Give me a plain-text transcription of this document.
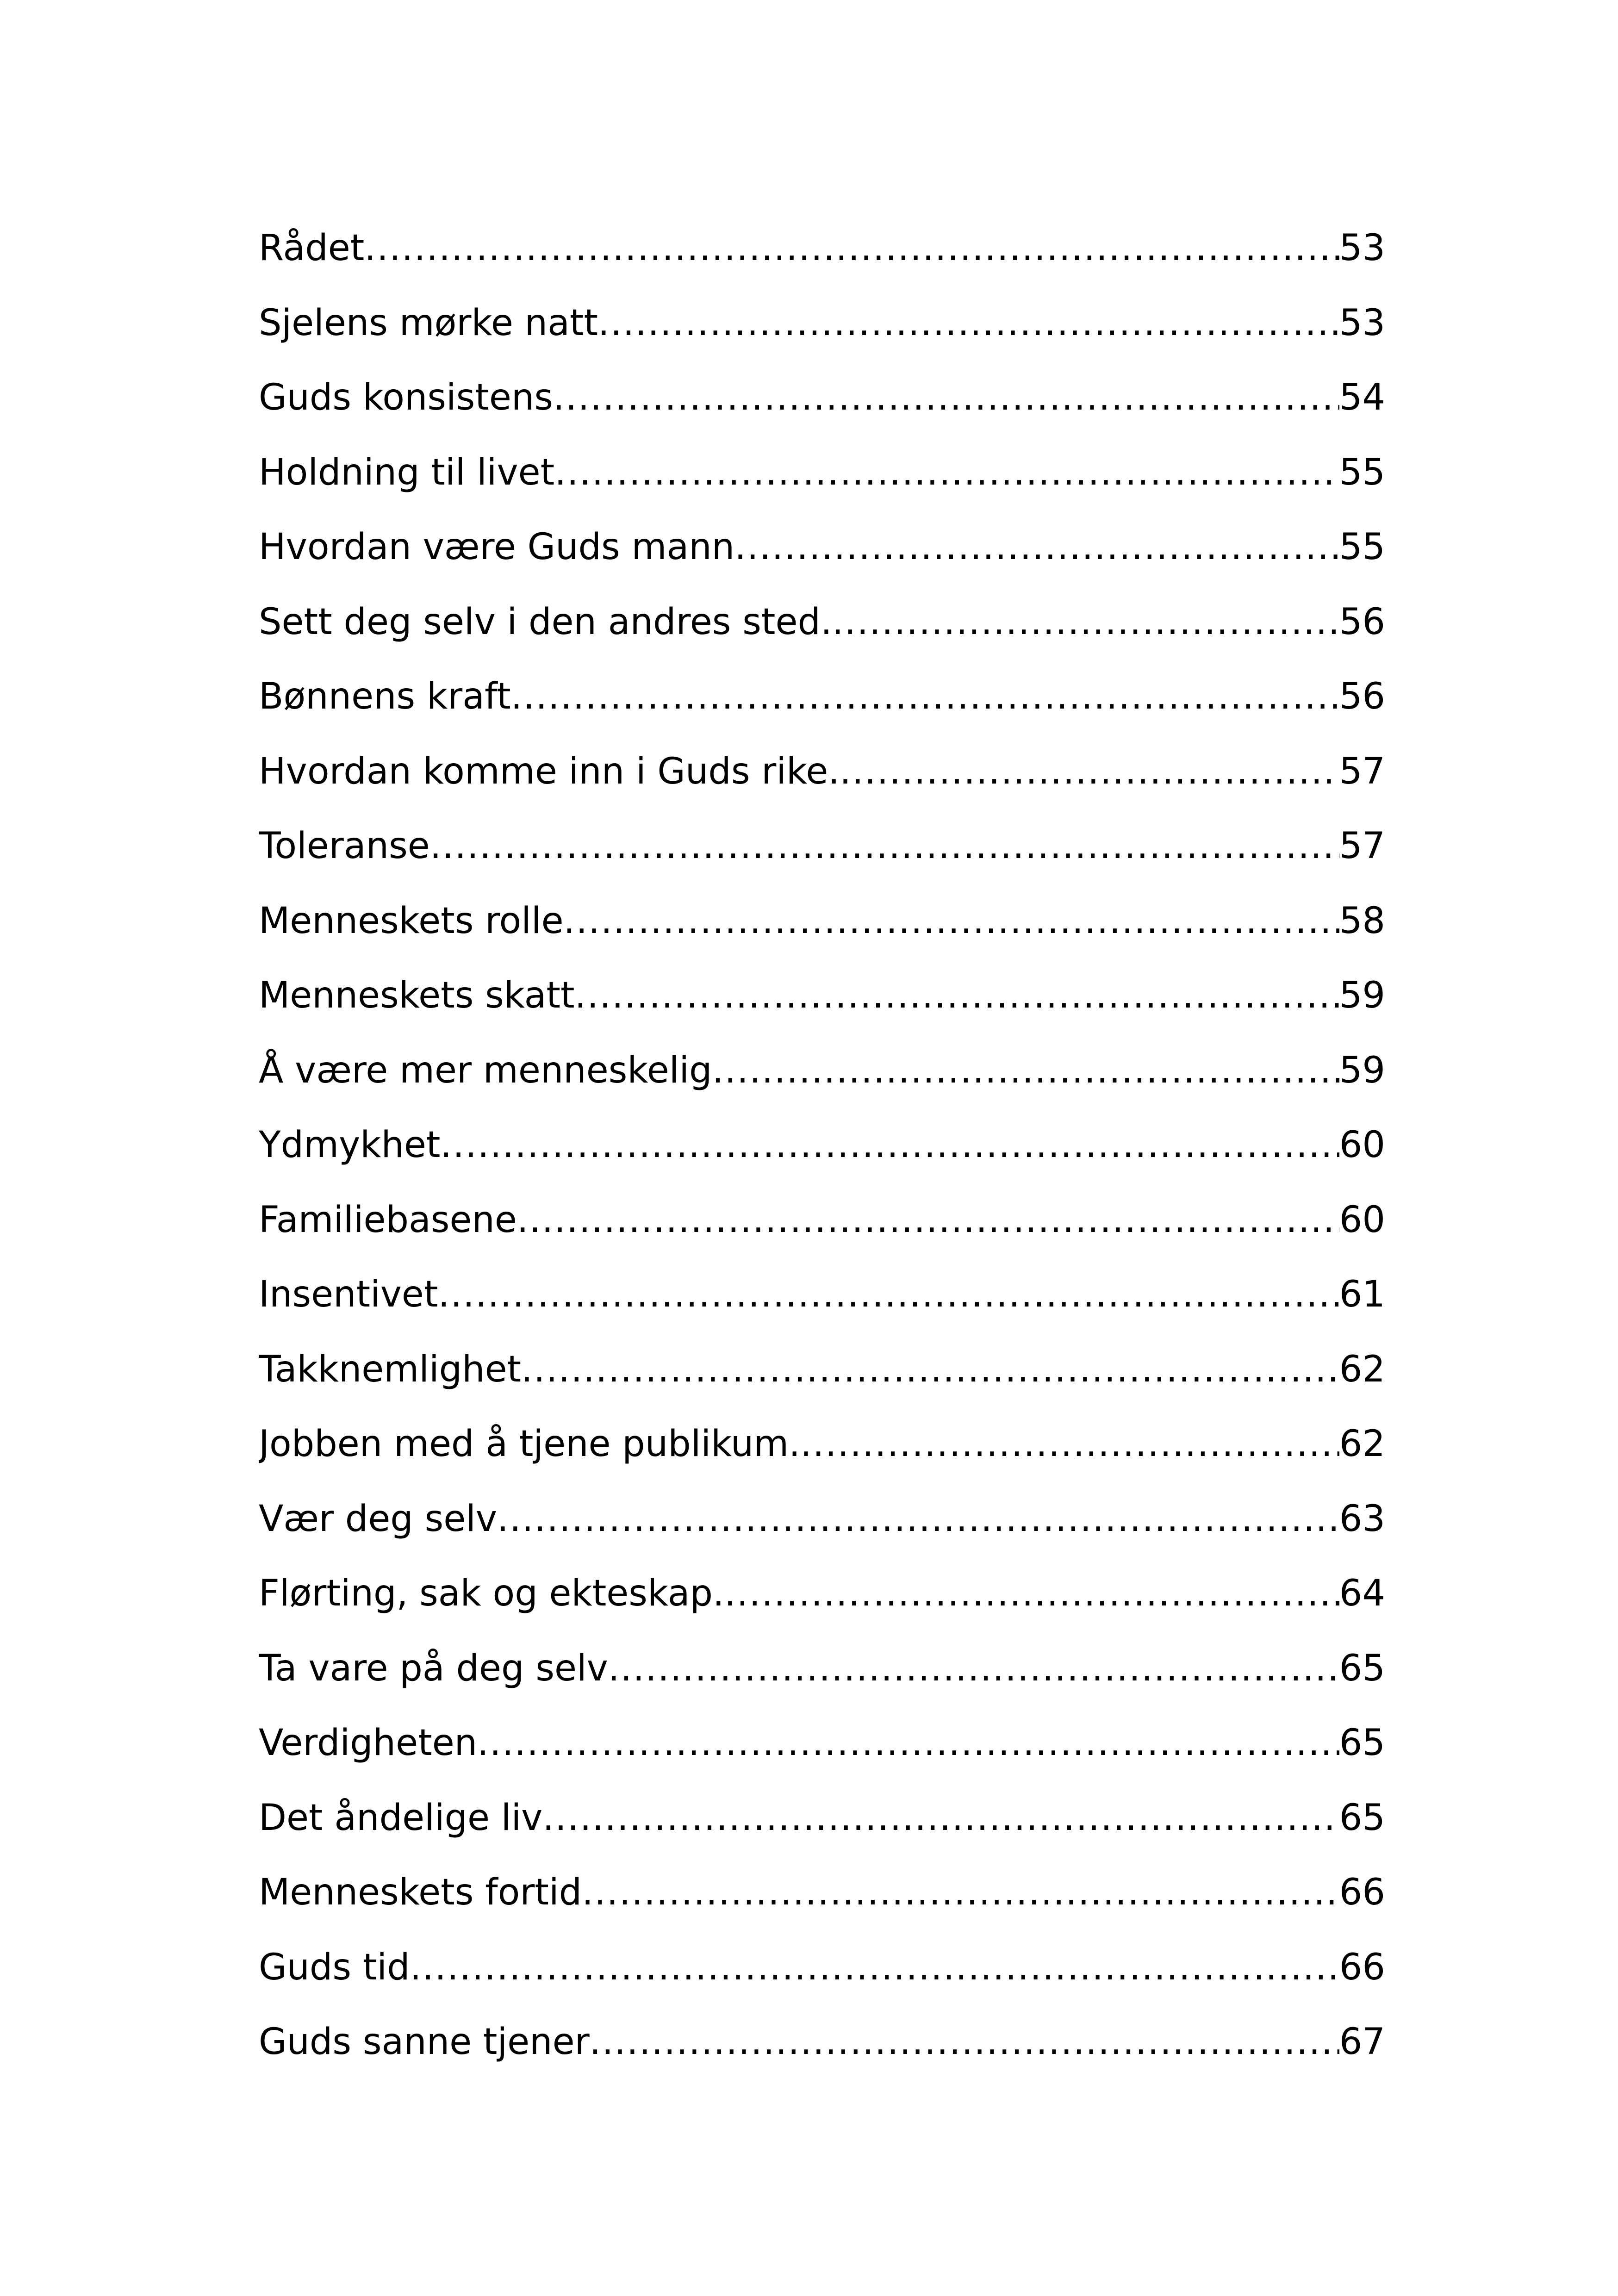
Rådet .....	53
Sjelens mørke natt .....	53
Guds konsistens .....	54
Holdning til livet .....	55
Hvordan være Guds mann .....	55
Sett deg selv i den andres sted. .....	56
Bønnens kraft .....	56
Hvordan komme inn i Guds rike. .....	57
Toleranse .....	57
Menneskets rolle .....	58
Menneskets skatt .....	59
Å være mer menneskelig .....	59
Ydmykhet .....	60
Familiebasene .....	60
Insentivet .....	61
Takknemlighet .....	62
Jobben med å tjene publikum. .....	62
Vær deg selv .....	63
Flørting, sak og ekteskap. .....	64
Ta vare på deg selv .....	65
Verdigheten .....	65
Det åndelige liv .....	65
Menneskets fortid .....	66
Guds tid .....	66
Guds sanne tjener .....	67
